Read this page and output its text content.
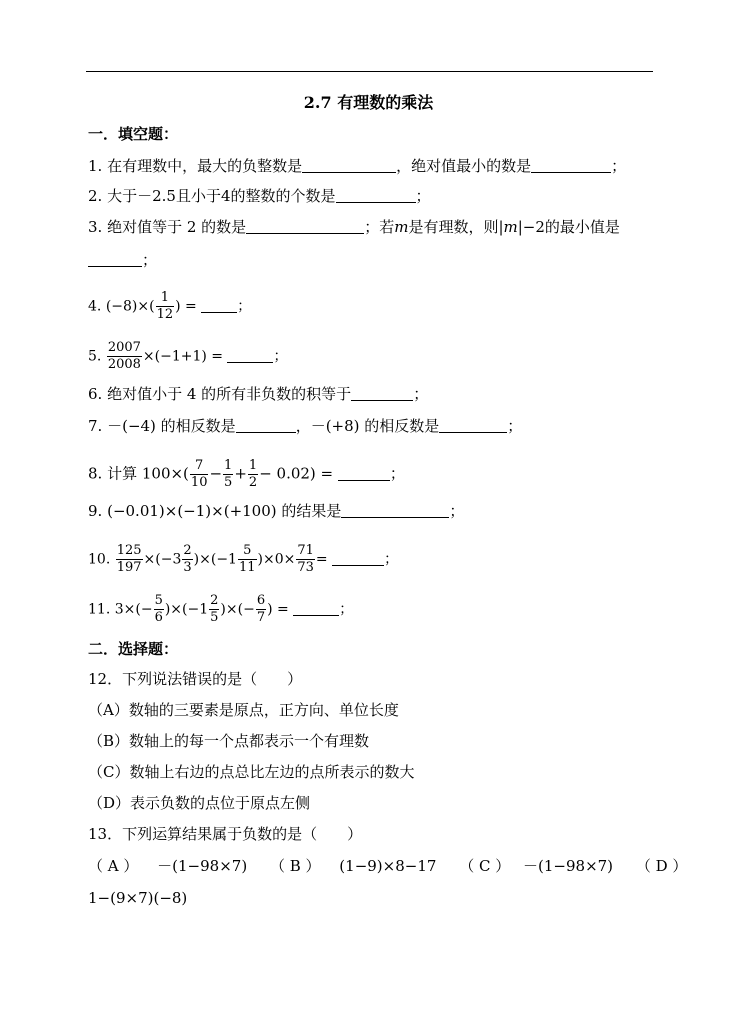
2.7 有理数的乘法
一．填空题：
1. 在有理数中，最大的负整数是	，绝对值最小的数是	；
2. 大于－2.5且小于4的整数的个数是	；
3. 绝对值等于 2 的数是	；若m是有理数，则|m|−2的最小值是
；
4. $(-8)\times( \frac{1}{12}$ ) =	；
5. $\frac{2007}{2008} \times(-1+1)$ =	；
6. 绝对值小于 4 的所有非负数的积等于	；
7. －(−4) 的相反数是	，－(+8) 的相反数是	；
8. 计算 $100\times( \frac{7}{10} - \frac{1}{5} + \frac{1}{2} - 0.02)$ =	；
9. (−0.01)×(−1)×(+100) 的结果是	；
10. $\frac{125}{197} \times(-3 \frac{2}{3} )\times(-1 \frac{5}{11} )\times 0\times \frac{71}{73}$ =	；
11. $3\times(- \frac{5}{6} )\times(-1 \frac{2}{5}$ )×(− $\frac{6}{7}$ ) =	；
二．选择题：
12．下列说法错误的是（　　）
（A）数轴的三要素是原点，正方向、单位长度
（B）数轴上的每一个点都表示一个有理数
（C）数轴上右边的点总比左边的点所表示的数大
（D）表示负数的点位于原点左侧
13．下列运算结果属于负数的是（　　）
（ A ） －(1−98×7) （ B ） (1−9)×8−17 （ C ） －(1−98×7) （ D ）
1−(9×7)(−8)
